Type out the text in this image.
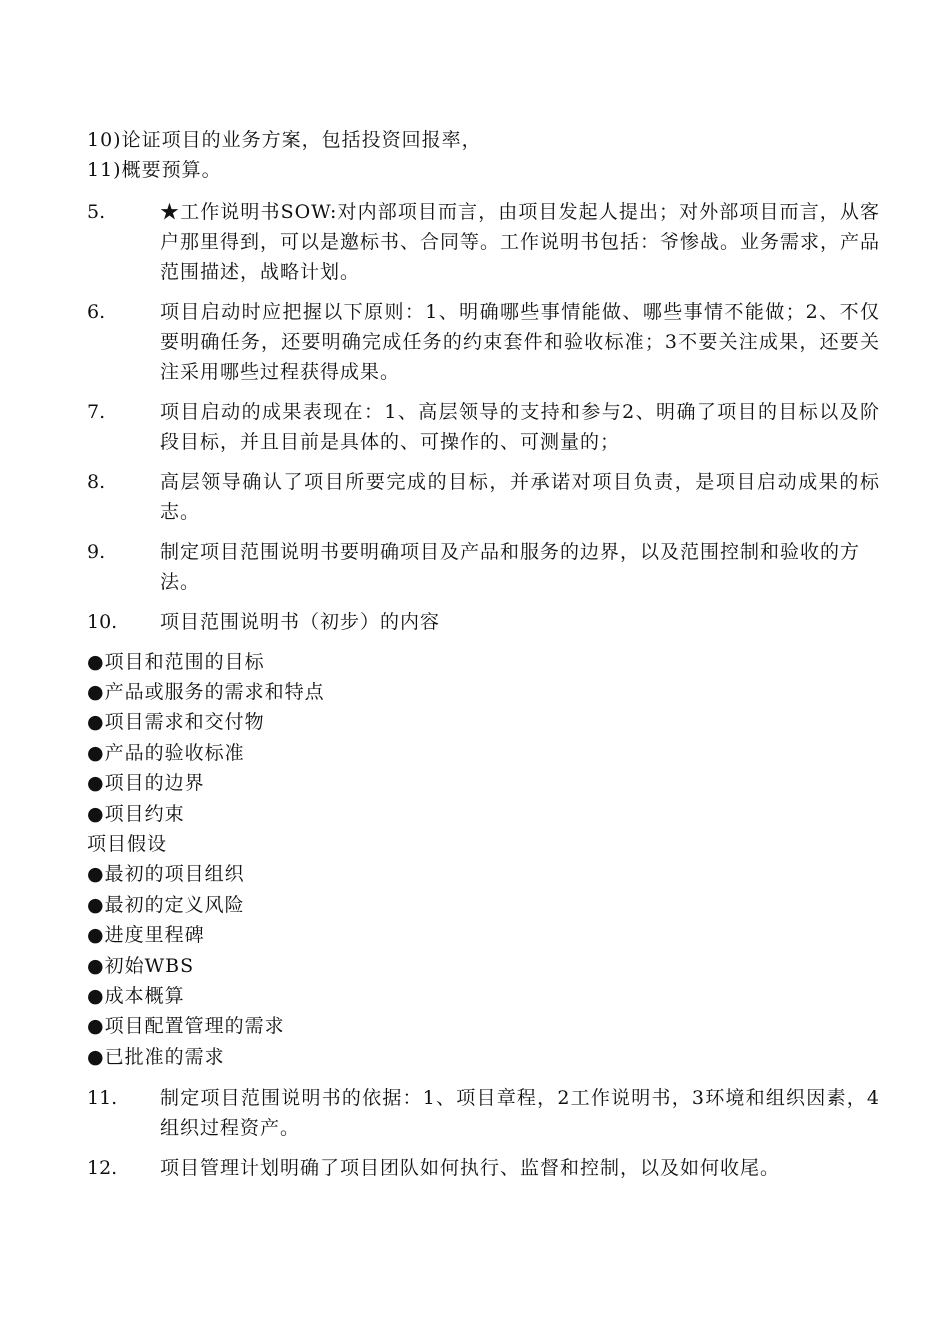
10)论证项目的业务方案，包括投资回报率，
11)概要预算。
5.	★工作说明书SOW:对内部项目而言，由项目发起人提出；对外部项目而言，从客户那里得到，可以是邀标书、合同等。工作说明书包括：爷惨战。业务需求，产品范围描述，战略计划。
6.	项目启动时应把握以下原则：1、明确哪些事情能做、哪些事情不能做；2、不仅要明确任务，还要明确完成任务的约束套件和验收标准；3不要关注成果，还要关注采用哪些过程获得成果。
7.	项目启动的成果表现在：1、高层领导的支持和参与2、明确了项目的目标以及阶段目标，并且目前是具体的、可操作的、可测量的；
8.	高层领导确认了项目所要完成的目标，并承诺对项目负责，是项目启动成果的标志。
9.	制定项目范围说明书要明确项目及产品和服务的边界，以及范围控制和验收的方法。
10.	项目范围说明书（初步）的内容
●项目和范围的目标
●产品或服务的需求和特点
●项目需求和交付物
●产品的验收标准
●项目的边界
●项目约束
项目假设
●最初的项目组织
●最初的定义风险
●进度里程碑
●初始WBS
●成本概算
●项目配置管理的需求
●已批准的需求
11.	制定项目范围说明书的依据：1、项目章程，2工作说明书，3环境和组织因素，4组织过程资产。
12.	项目管理计划明确了项目团队如何执行、监督和控制，以及如何收尾。
